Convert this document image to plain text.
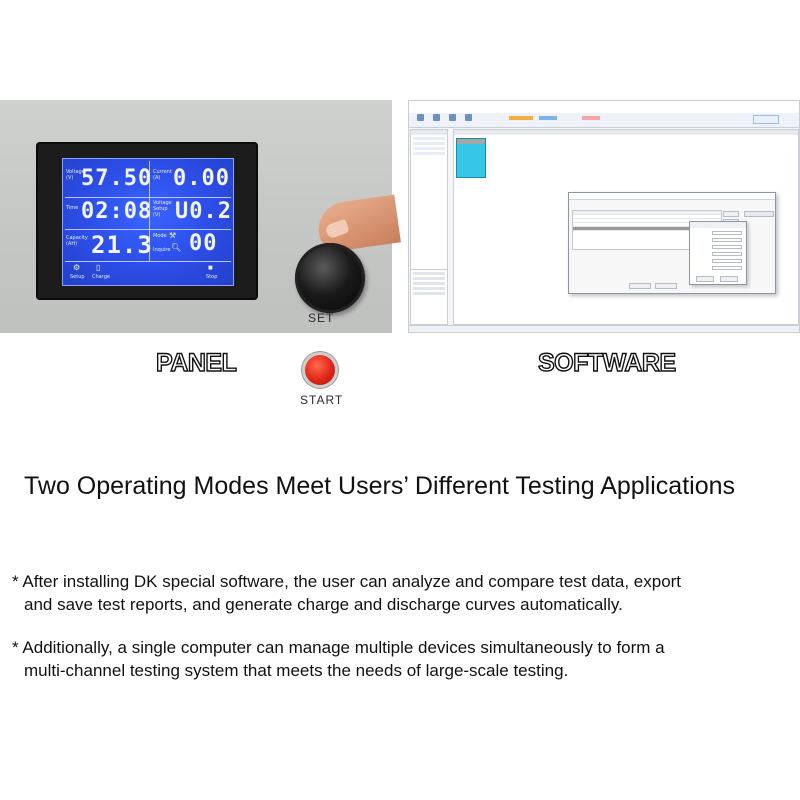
Voltage
(V) 57.50 Current
(A) 0.00
Time 02:08 Voltage
Setup
(V) U0.2
Capacity
(AH) 21.3 Mode ⚒
Inquire 🔍︎ 00
⚙
Setup
▯
Charge
■
Stop
SET
START
PANEL	SOFTWARE
Two Operating Modes Meet Users’ Different Testing Applications
* After installing DK special software, the user can analyze and compare test data, export
and save test reports, and generate charge and discharge curves automatically.
* Additionally, a single computer can manage multiple devices simultaneously to form a
multi-channel testing system that meets the needs of large-scale testing.
